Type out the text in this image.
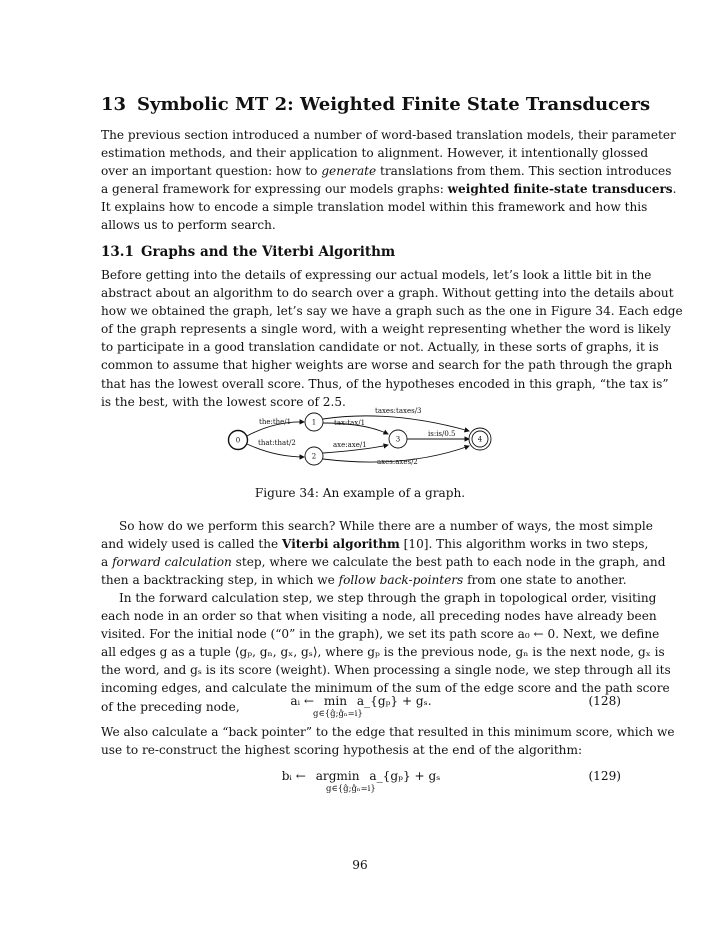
13 Symbolic MT 2: Weighted Finite State Transducers
The previous section introduced a number of word-based translation models, their parameter
estimation methods, and their application to alignment. However, it intentionally glossed
over an important question: how to generate translations from them. This section introduces
a general framework for expressing our models graphs: weighted finite-state transducers.
It explains how to encode a simple translation model within this framework and how this
allows us to perform search.
13.1 Graphs and the Viterbi Algorithm
Before getting into the details of expressing our actual models, let’s look a little bit in the
abstract about an algorithm to do search over a graph. Without getting into the details about
how we obtained the graph, let’s say we have a graph such as the one in Figure 34. Each edge
of the graph represents a single word, with a weight representing whether the word is likely
to participate in a good translation candidate or not. Actually, in these sorts of graphs, it is
common to assume that higher weights are worse and search for the path through the graph
that has the lowest overall score. Thus, of the hypotheses encoded in this graph, “the tax is”
is the best, with the lowest score of 2.5.
0
1
2
3	4
the:the/1
that:that/2
tax:tax/1
taxes:taxes/3
axe:axe/1
axes:axes/2
is:is/0.5
Figure 34: An example of a graph.
So how do we perform this search? While there are a number of ways, the most simple
and widely used is called the Viterbi algorithm [10]. This algorithm works in two steps,
a forward calculation step, where we calculate the best path to each node in the graph, and
then a backtracking step, in which we follow back-pointers from one state to another.
In the forward calculation step, we step through the graph in topological order, visiting
each node in an order so that when visiting a node, all preceding nodes have already been
visited. For the initial node (“0” in the graph), we set its path score a₀ ← 0. Next, we define
all edges g as a tuple ⟨gₚ, gₙ, gₓ, gₛ⟩, where gₚ is the previous node, gₙ is the next node, gₓ is
the word, and gₛ is its score (weight). When processing a single node, we step through all its
incoming edges, and calculate the minimum of the sum of the edge score and the path score
of the preceding node,	aᵢ ← min a_{gₚ} + gₛ.
g∈{ĝ;ĝₙ=i}
(128)
We also calculate a “back pointer” to the edge that resulted in this minimum score, which we
use to re-construct the highest scoring hypothesis at the end of the algorithm:
bᵢ ← argmin a_{gₚ} + gₛ
g∈{ĝ;ĝₙ=i}
(129)
96
